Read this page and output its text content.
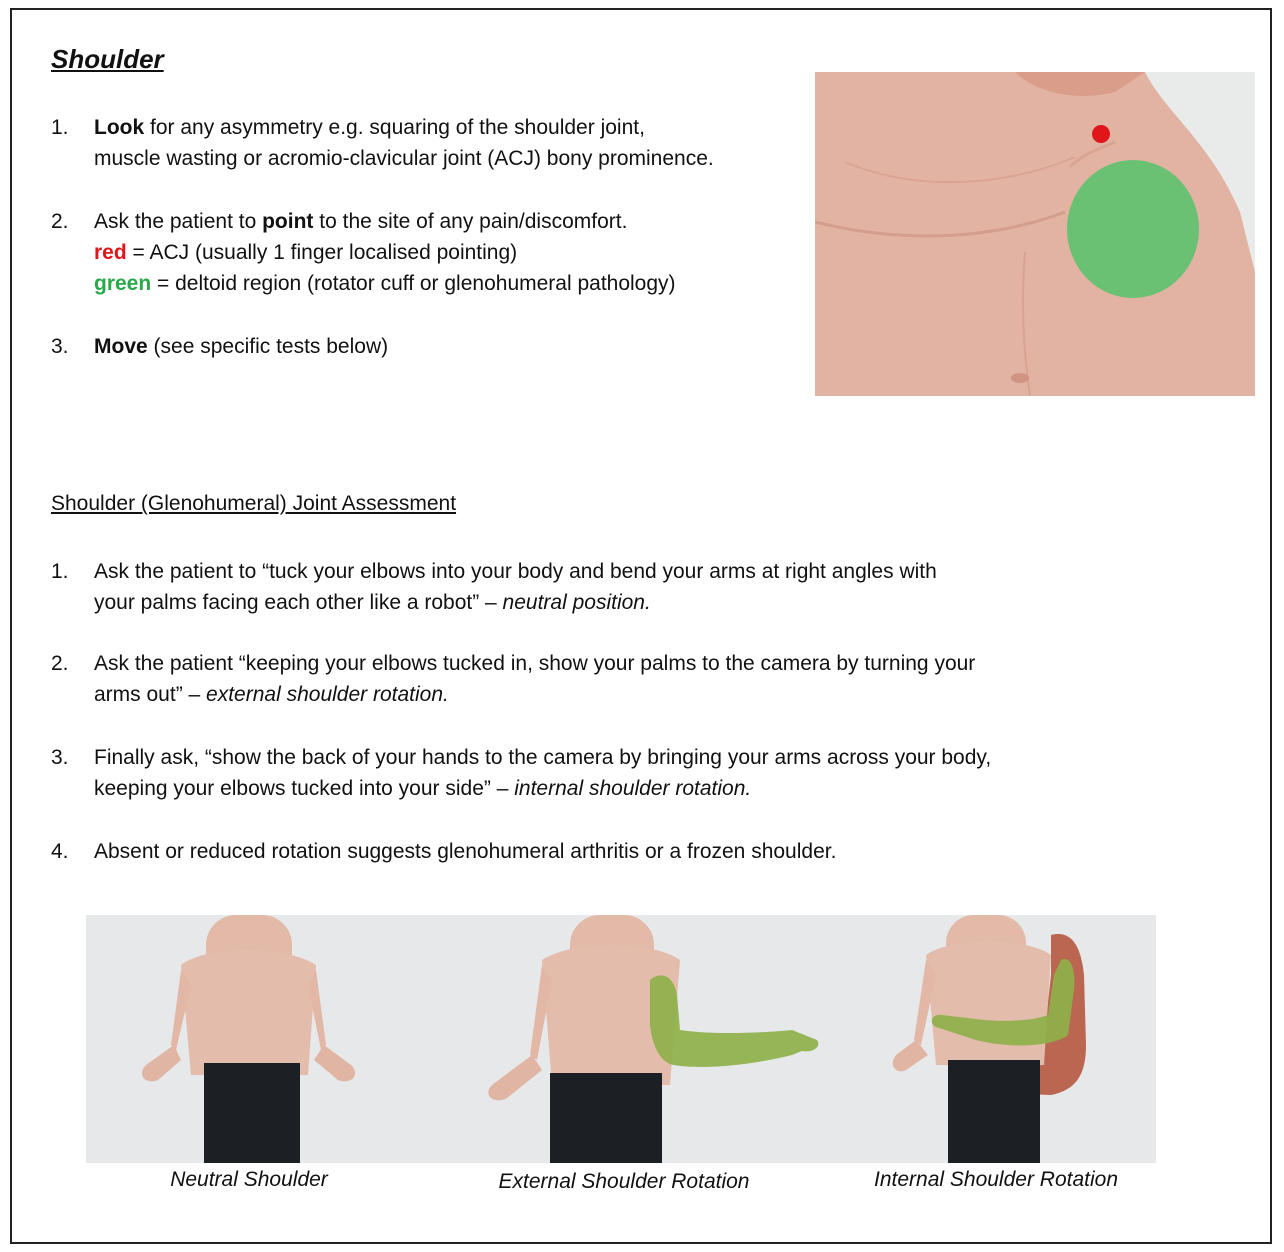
Shoulder
1. Look for any asymmetry e.g. squaring of the shoulder joint,
muscle wasting or acromio-clavicular joint (ACJ) bony prominence.
2. Ask the patient to point to the site of any pain/discomfort.
red = ACJ (usually 1 finger localised pointing)
green = deltoid region (rotator cuff or glenohumeral pathology)
3. Move (see specific tests below)
Shoulder (Glenohumeral) Joint Assessment
1. Ask the patient to “tuck your elbows into your body and bend your arms at right angles with
your palms facing each other like a robot” – neutral position.
2. Ask the patient “keeping your elbows tucked in, show your palms to the camera by turning your
arms out” – external shoulder rotation.
3. Finally ask, “show the back of your hands to the camera by bringing your arms across your body,
keeping your elbows tucked into your side” – internal shoulder rotation.
4. Absent or reduced rotation suggests glenohumeral arthritis or a frozen shoulder.
Neutral Shoulder	External Shoulder Rotation	Internal Shoulder Rotation
